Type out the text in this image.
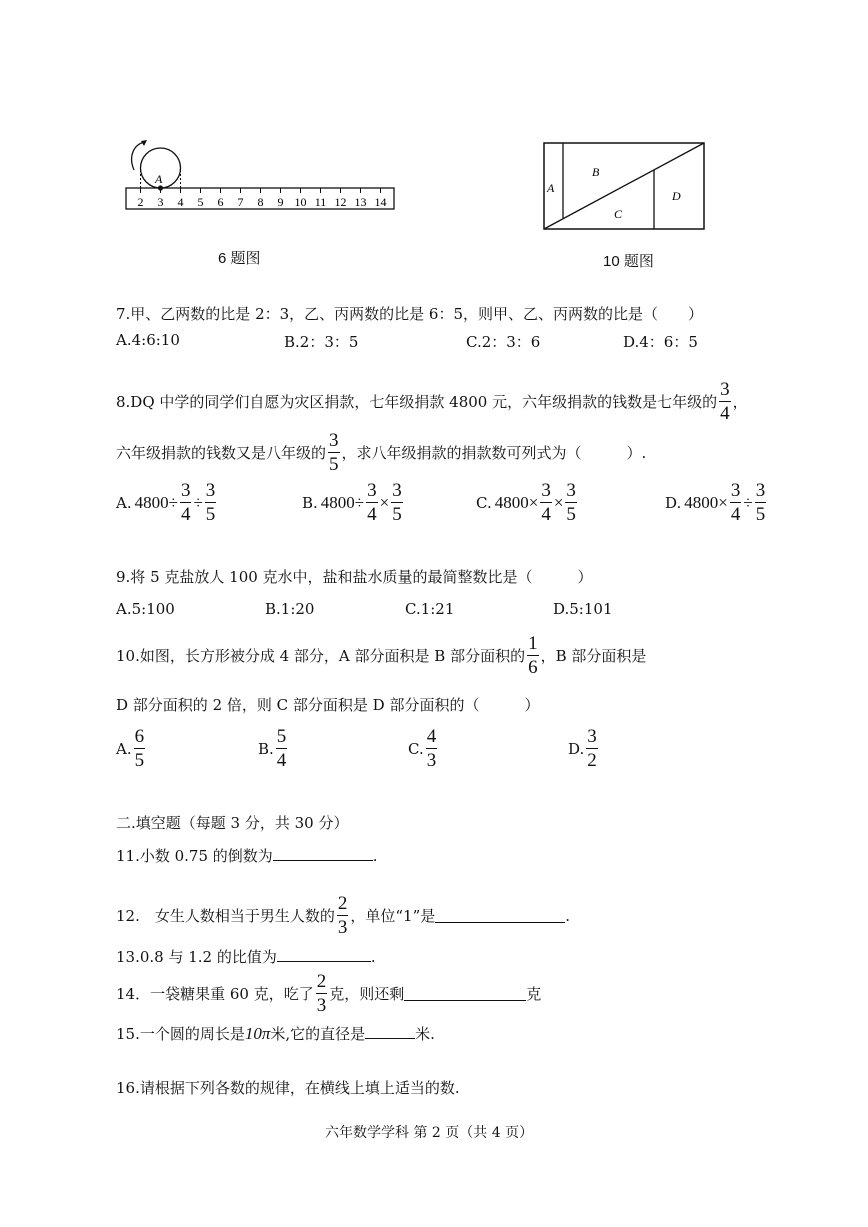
A
2 3 4 5 6 7 8 9 10 11 12 13 14
6 题图
A
B
C
D
10 题图
7.甲、乙两数的比是 2：3，乙、丙两数的比是 6：5，则甲、乙、丙两数的比是（　　）
A.4:6:10	B.2：3：5	C.2：3：6	D.4：6：5
8.DQ 中学的同学们自愿为灾区捐款，七年级捐款 4800 元，六年级捐款的钱数是七年级的 $\frac{3}{4}$ ，
六年级捐款的钱数又是八年级的 $\frac{3}{5}$ ，求八年级捐款的捐款数可列式为（　　　）.
A. $4800 \div \frac{3}{4} \div \frac{3}{5}$	B. $4800 \div \frac{3}{4} \times \frac{3}{5}$	C. $4800 \times \frac{3}{4} \times \frac{3}{5}$	D. $4800 \times \frac{3}{4} \div \frac{3}{5}$
9.将 5 克盐放人 100 克水中，盐和盐水质量的最简整数比是（　　　）
A.5:100	B.1:20	C.1:21	D.5:101
10.如图，长方形被分成 4 部分，A 部分面积是 B 部分面积的 $\frac{1}{6}$ ，B 部分面积是
D 部分面积的 2 倍，则 C 部分面积是 D 部分面积的（　　　）
A. $\frac{6}{5}$	B. $\frac{5}{4}$	C. $\frac{4}{3}$	D. $\frac{3}{2}$
二.填空题（每题 3 分，共 30 分）
11.小数 0.75 的倒数为	.
12.　女生人数相当于男生人数的 $\frac{2}{3}$ ，单位“1”是	.
13.0.8 与 1.2 的比值为	.
14．一袋糖果重 60 克，吃了 $\frac{2}{3}$ 克，则还剩	克
15.一个圆的周长是10π米,它的直径是	米.
16.请根据下列各数的规律，在横线上填上适当的数.
六年数学学科 第 2 页（共 4 页）
